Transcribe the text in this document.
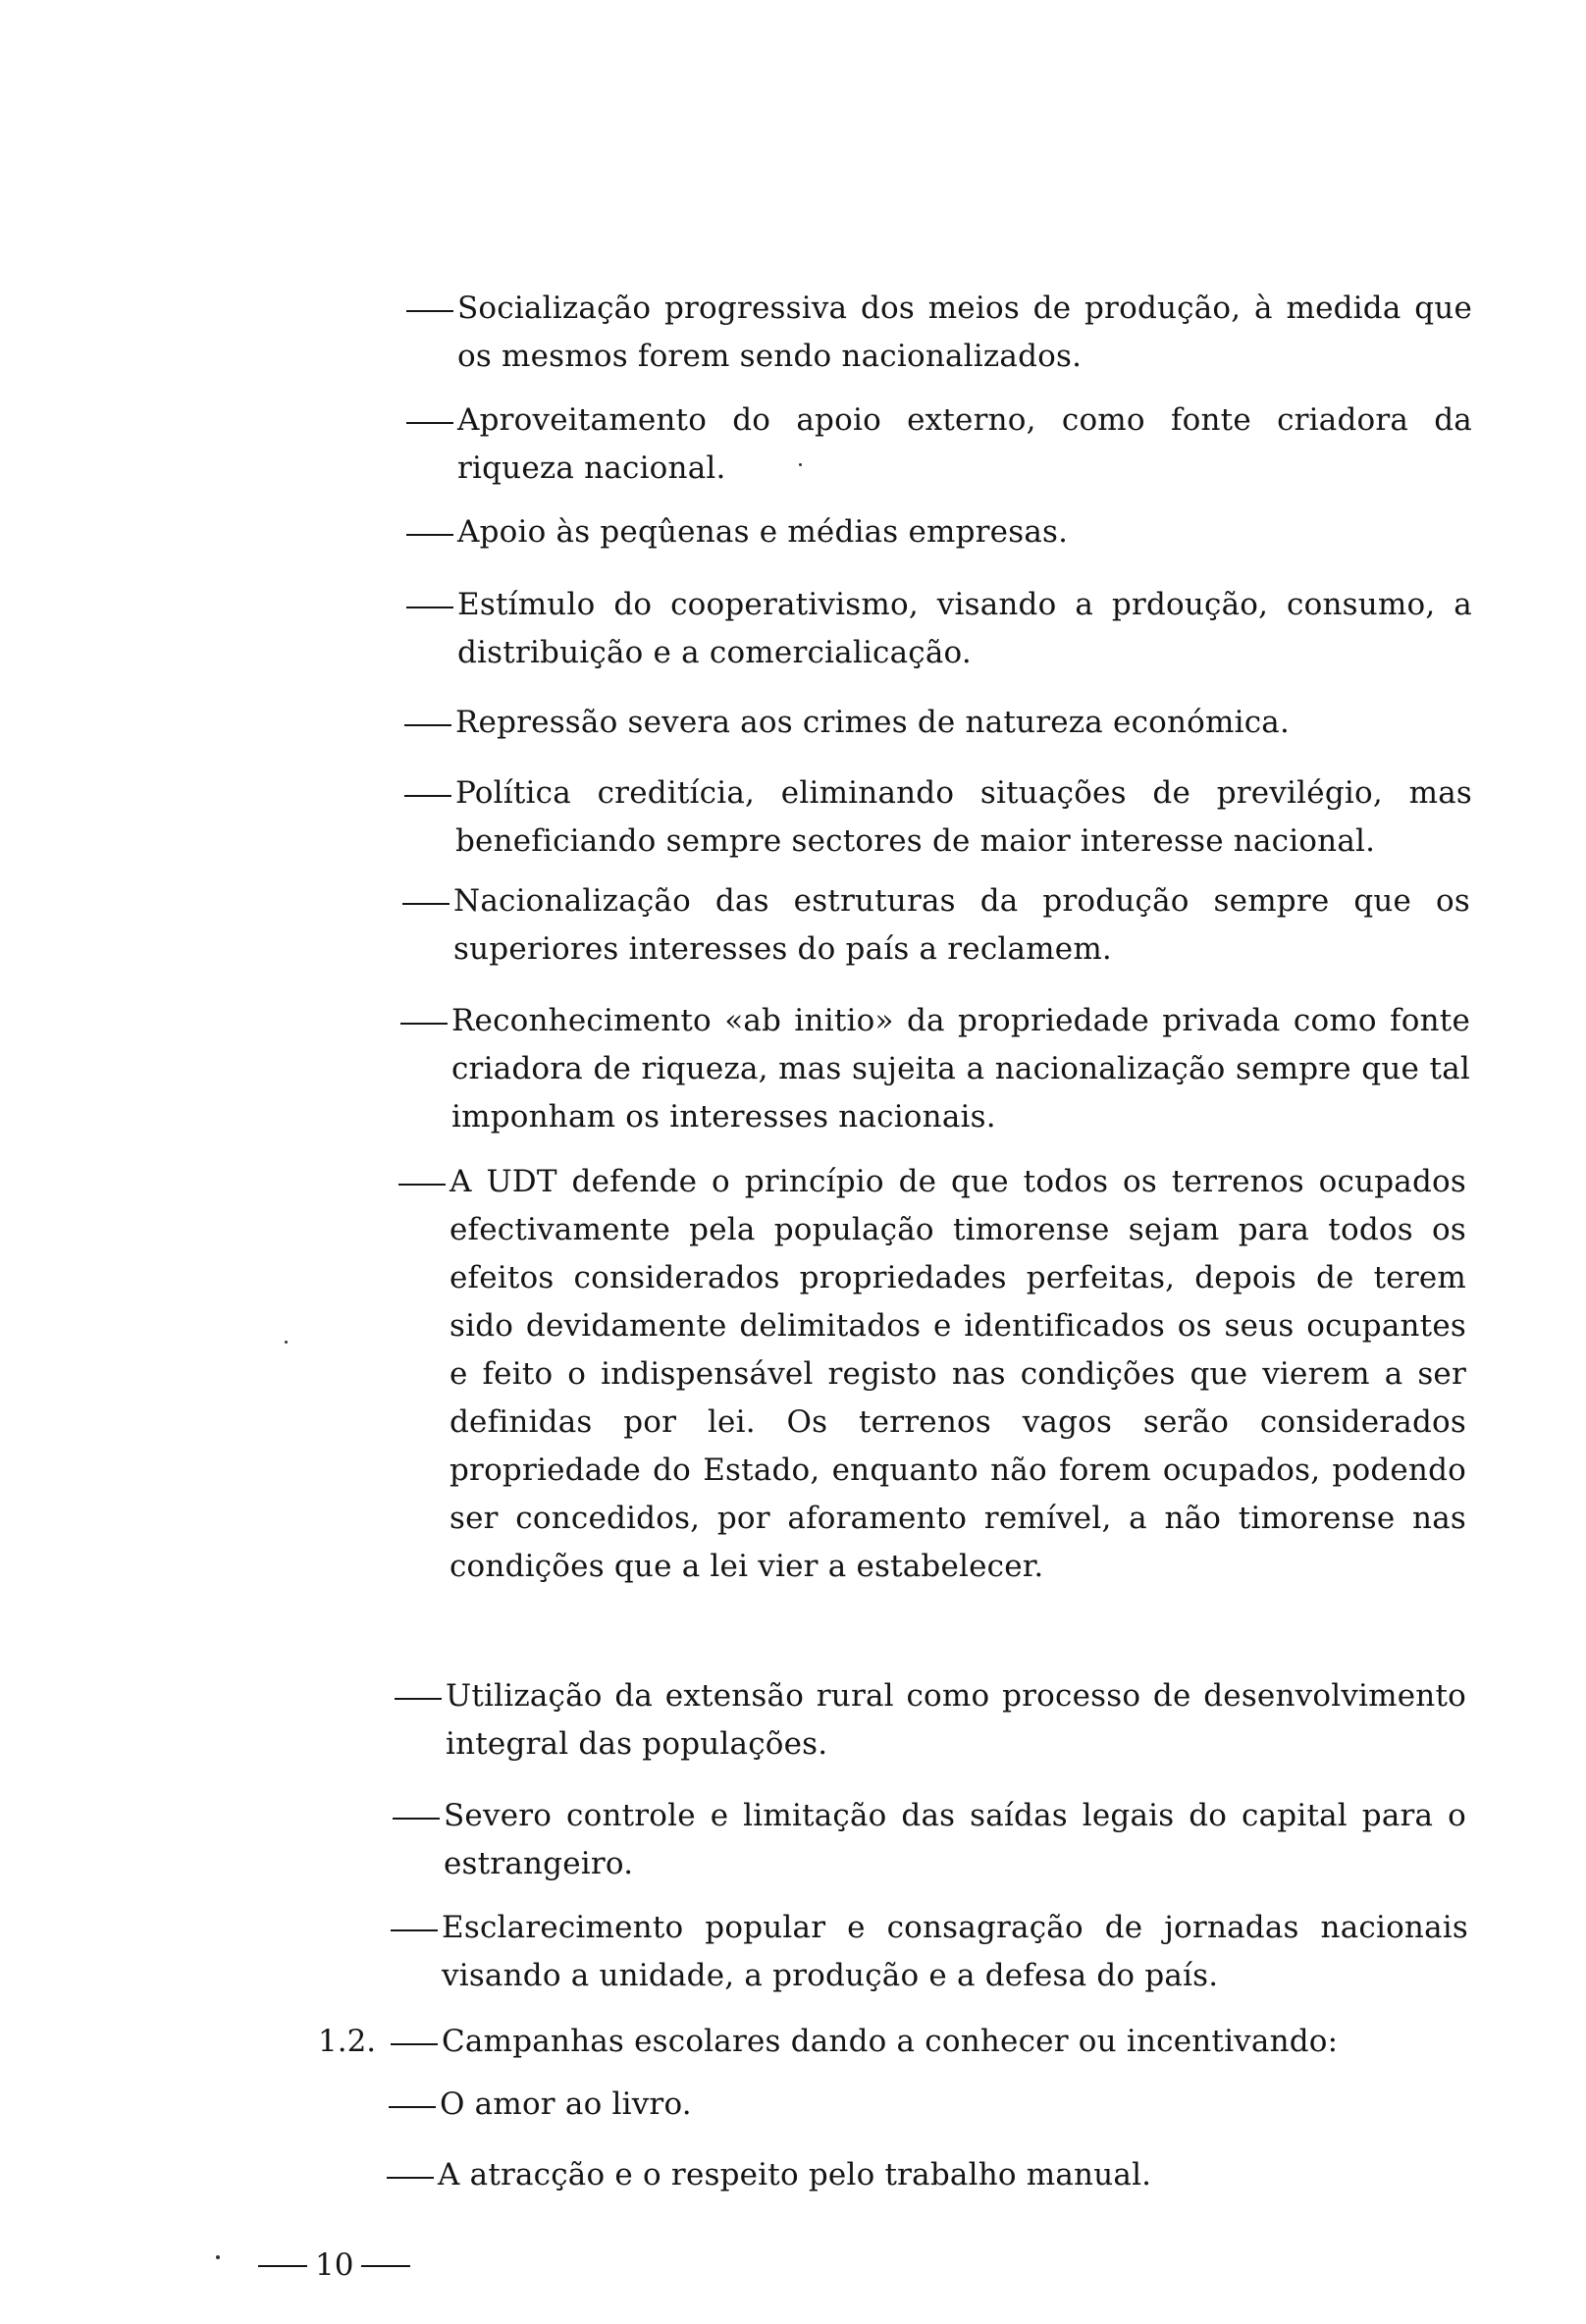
Socialização progressiva dos meios de produção, à medida que os mesmos forem sendo nacionalizados.
Aproveitamento do apoio externo, como fonte criadora da riqueza nacional.
Apoio às peqûenas e médias empresas.
Estímulo do cooperativismo, visando a prdoução, consumo, a distribuição e a comercialicação.
Repressão severa aos crimes de natureza económica.
Política creditícia, eliminando situações de previlégio, mas beneficiando sempre sectores de maior interesse nacional.
Nacionalização das estruturas da produção sempre que os superiores interesses do país a reclamem.
Reconhecimento «ab initio» da propriedade privada como fonte criadora de riqueza, mas sujeita a nacionalização sempre que tal imponham os interesses nacionais.
A UDT defende o princípio de que todos os terrenos ocupados efectivamente pela população timorense sejam para todos os efeitos considerados propriedades perfeitas, depois de terem sido devidamente delimitados e identificados os seus ocupantes e feito o indispensável registo nas condições que vierem a ser definidas por lei. Os terrenos vagos serão considerados propriedade do Estado, enquanto não forem ocupados, podendo ser concedidos, por aforamento remível, a não timorense nas condições que a lei vier a estabelecer.
Utilização da extensão rural como processo de desenvolvimento integral das populações.
Severo controle e limitação das saídas legais do capital para o estrangeiro.
Esclarecimento popular e consagração de jornadas nacionais visando a unidade, a produção e a defesa do país.
1.2. Campanhas escolares dando a conhecer ou incentivando:
O amor ao livro.
A atracção e o respeito pelo trabalho manual.
10
